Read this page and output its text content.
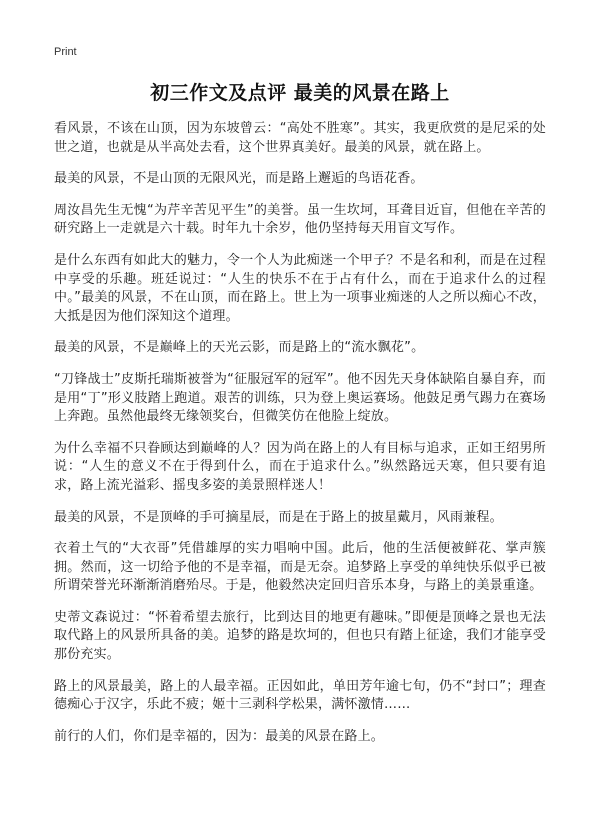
Print
初三作文及点评 最美的风景在路上

看风景，不该在山顶，因为东坡曾云：“高处不胜寒”。其实，我更欣赏的是尼采的处世之道，也就是从半高处去看，这个世界真美好。最美的风景，就在路上。

最美的风景，不是山顶的无限风光，而是路上邂逅的鸟语花香。

周汝昌先生无愧“为芹辛苦见平生”的美誉。虽一生坎坷，耳聋目近盲，但他在辛苦的研究路上一走就是六十载。时年九十余岁，他仍坚持每天用盲文写作。

是什么东西有如此大的魅力，令一个人为此痴迷一个甲子？不是名和利，而是在过程中享受的乐趣。班廷说过：“人生的快乐不在于占有什么，而在于追求什么的过程中。”最美的风景，不在山顶，而在路上。世上为一项事业痴迷的人之所以痴心不改，大抵是因为他们深知这个道理。

最美的风景，不是巅峰上的天光云影，而是路上的“流水飘花”。

“刀锋战士”皮斯托瑞斯被誉为“征服冠军的冠军”。他不因先天身体缺陷自暴自弃，而是用“丁”形义肢踏上跑道。艰苦的训练，只为登上奥运赛场。他鼓足勇气踢力在赛场上奔跑。虽然他最终无缘领奖台，但微笑仿在他脸上绽放。

为什么幸福不只眷顾达到巅峰的人？因为尚在路上的人有目标与追求，正如王绍男所说：“人生的意义不在于得到什么，而在于追求什么。”纵然路远天寒，但只要有追求，路上流光溢彩、摇曳多姿的美景照样迷人！

最美的风景，不是顶峰的手可摘星辰，而是在于路上的披星戴月，风雨兼程。

衣着土气的“大衣哥”凭借雄厚的实力唱响中国。此后，他的生活便被鲜花、掌声簇拥。然而，这一切给予他的不是幸福，而是无奈。追梦路上享受的单纯快乐似乎已被所谓荣誉光环渐渐消磨殆尽。于是，他毅然决定回归音乐本身，与路上的美景重逢。

史蒂文森说过：“怀着希望去旅行，比到达目的地更有趣味。”即便是顶峰之景也无法取代路上的风景所具备的美。追梦的路是坎坷的，但也只有踏上征途，我们才能享受那份充实。

路上的风景最美，路上的人最幸福。正因如此，单田芳年逾七旬，仍不“封口”；理查德痴心于汉字，乐此不疲；姬十三剥科学松果，满怀激情……

前行的人们，你们是幸福的，因为：最美的风景在路上。
